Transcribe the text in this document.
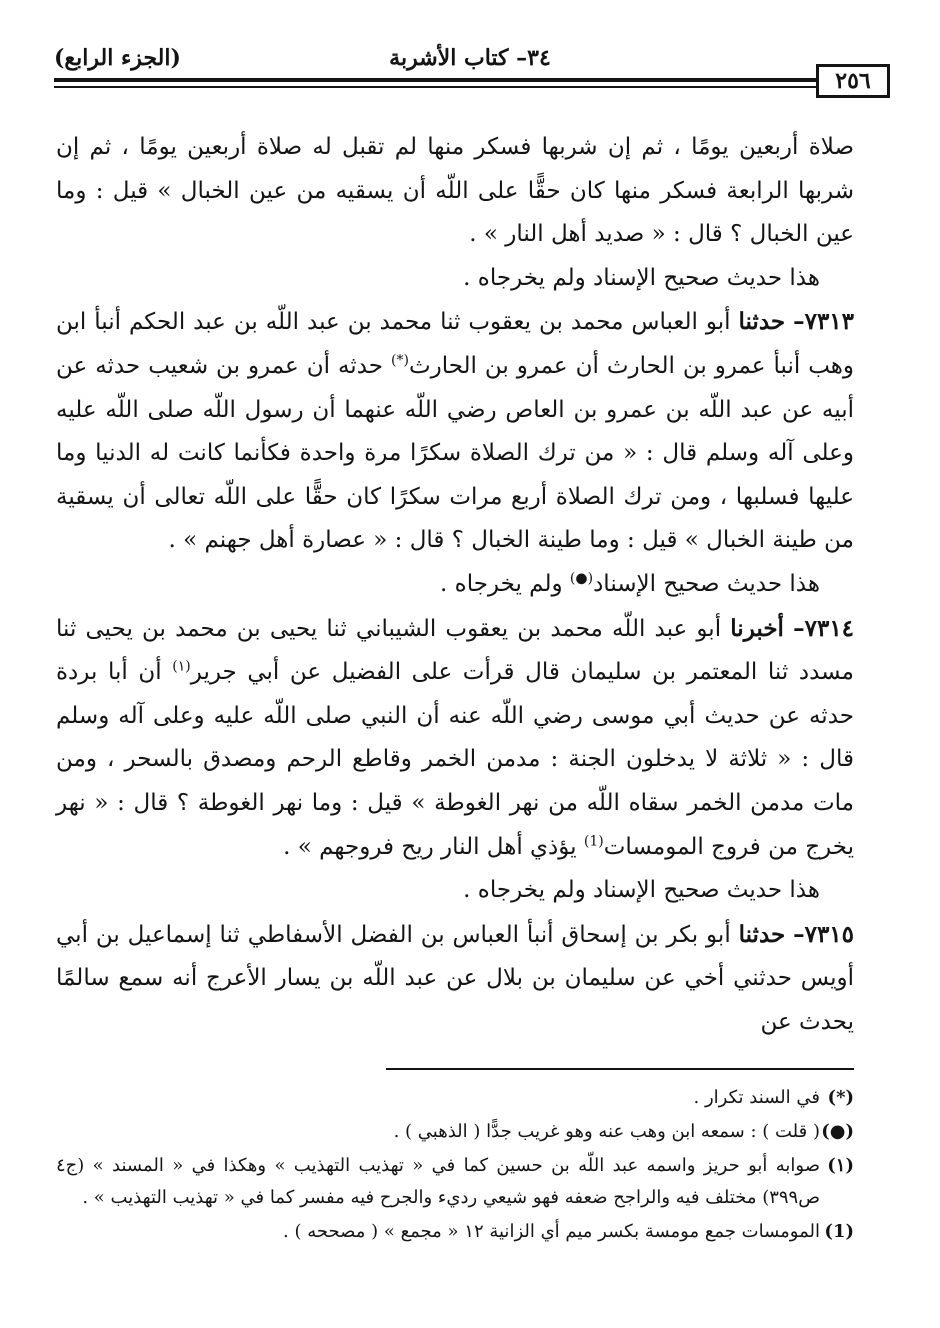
٢٥٦
٣٤– كتاب الأشربة
(الجزء الرابع)

صلاة أربعين يومًا ، ثم إن شربها فسكر منها لم تقبل له صلاة أربعين يومًا ، ثم إن شربها الرابعة فسكر منها كان حقًّا على اللّه أن يسقيه من عين الخبال » قيل : وما عين الخبال ؟ قال : « صديد أهل النار » .

هذا حديث صحيح الإسناد ولم يخرجاه .

٧٣١٣– حدثنا أبو العباس محمد بن يعقوب ثنا محمد بن عبد اللّه بن عبد الحكم أنبأ ابن وهب أنبأ عمرو بن الحارث أن عمرو بن الحارث(*) حدثه أن عمرو بن شعيب حدثه عن أبيه عن عبد اللّه بن عمرو بن العاص رضي اللّه عنهما أن رسول اللّه صلى اللّه عليه وعلى آله وسلم قال : « من ترك الصلاة سكرًا مرة واحدة فكأنما كانت له الدنيا وما عليها فسلبها ، ومن ترك الصلاة أربع مرات سكرًا كان حقًّا على اللّه تعالى أن يسقية من طينة الخبال » قيل : وما طينة الخبال ؟ قال : « عصارة أهل جهنم » .

هذا حديث صحيح الإسناد(●) ولم يخرجاه .

٧٣١٤– أخبرنا أبو عبد اللّه محمد بن يعقوب الشيباني ثنا يحيى بن محمد بن يحيى ثنا مسدد ثنا المعتمر بن سليمان قال قرأت على الفضيل عن أبي جرير$^{(١)}$ أن أبا بردة حدثه عن حديث أبي موسى رضي اللّه عنه أن النبي صلى اللّه عليه وعلى آله وسلم قال : « ثلاثة لا يدخلون الجنة : مدمن الخمر وقاطع الرحم ومصدق بالسحر ، ومن مات مدمن الخمر سقاه اللّه من نهر الغوطة » قيل : وما نهر الغوطة ؟ قال : « نهر يخرج من فروج المومسات$^{(1)}$ يؤذي أهل النار ريح فروجهم » .

هذا حديث صحيح الإسناد ولم يخرجاه .

٧٣١٥– حدثنا أبو بكر بن إسحاق أنبأ العباس بن الفضل الأسفاطي ثنا إسماعيل بن أبي أويس حدثني أخي عن سليمان بن بلال عن عبد اللّه بن يسار الأعرج أنه سمع سالمًا يحدث عن

(*)
في السند تكرار .
(●)
( قلت ) : سمعه ابن وهب عنه وهو غريب جدًّا ( الذهبي ) .
(١)
صوابه أبو حريز واسمه عبد اللّه بن حسين كما في « تهذيب التهذيب » وهكذا في « المسند » (ج٤ ص٣٩٩) مختلف فيه والراجح ضعفه فهو شيعي رديء والجرح فيه مفسر كما في « تهذيب التهذيب » .
(1)
المومسات جمع مومسة بكسر ميم أي الزانية ١٢ « مجمع » ( مصححه ) .
